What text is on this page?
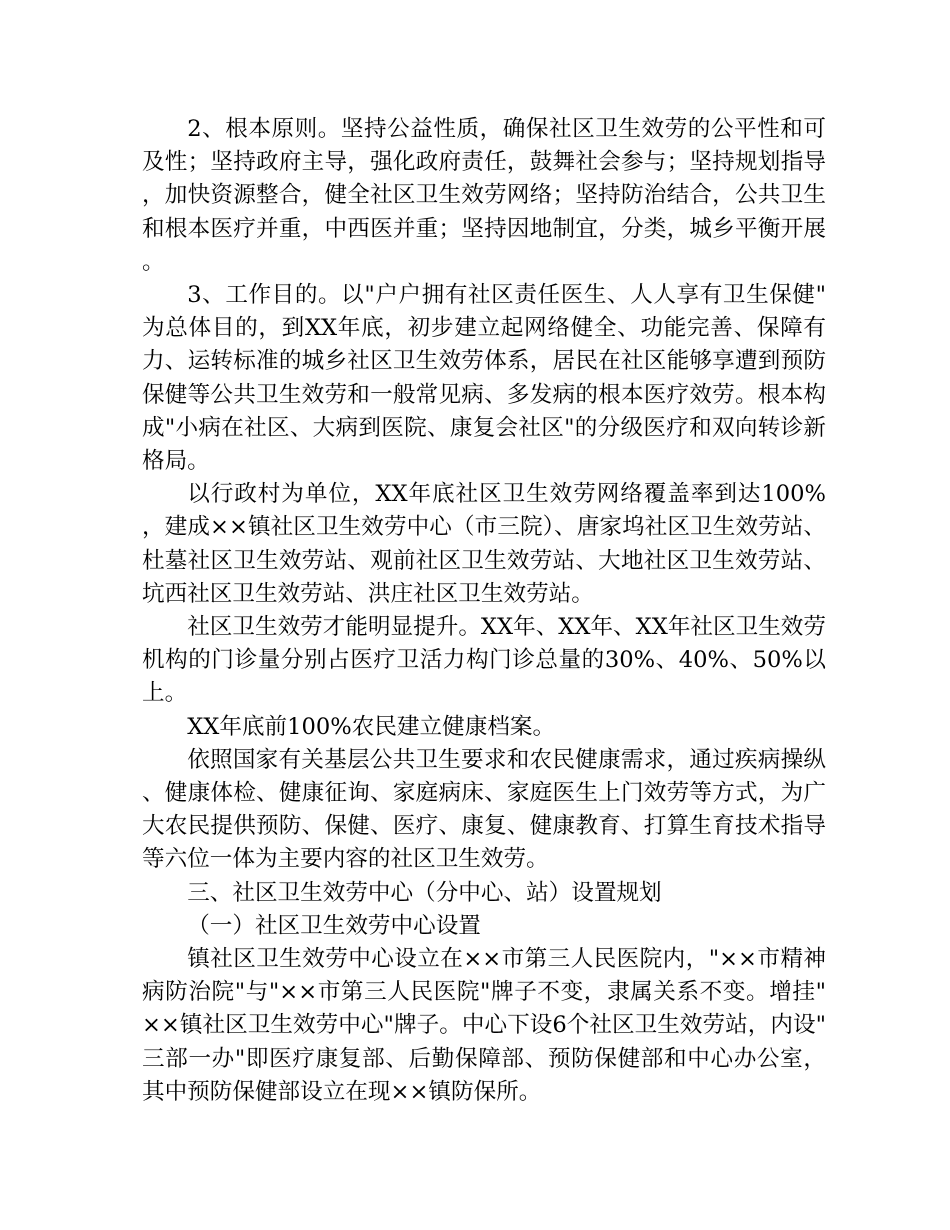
2、根本原则。坚持公益性质，确保社区卫生效劳的公平性和可及性；坚持政府主导，强化政府责任，鼓舞社会参与；坚持规划指导，加快资源整合，健全社区卫生效劳网络；坚持防治结合，公共卫生和根本医疗并重，中西医并重；坚持因地制宜，分类，城乡平衡开展。

3、工作目的。以"户户拥有社区责任医生、人人享有卫生保健"为总体目的，到XX年底，初步建立起网络健全、功能完善、保障有力、运转标准的城乡社区卫生效劳体系，居民在社区能够享遭到预防保健等公共卫生效劳和一般常见病、多发病的根本医疗效劳。根本构成"小病在社区、大病到医院、康复会社区"的分级医疗和双向转诊新格局。

以行政村为单位，XX年底社区卫生效劳网络覆盖率到达100%，建成××镇社区卫生效劳中心（市三院）、唐家坞社区卫生效劳站、杜墓社区卫生效劳站、观前社区卫生效劳站、大地社区卫生效劳站、坑西社区卫生效劳站、洪庄社区卫生效劳站。

社区卫生效劳才能明显提升。XX年、XX年、XX年社区卫生效劳机构的门诊量分别占医疗卫活力构门诊总量的30%、40%、50%以上。

XX年底前100%农民建立健康档案。

依照国家有关基层公共卫生要求和农民健康需求，通过疾病操纵、健康体检、健康征询、家庭病床、家庭医生上门效劳等方式，为广大农民提供预防、保健、医疗、康复、健康教育、打算生育技术指导等六位一体为主要内容的社区卫生效劳。

三、社区卫生效劳中心（分中心、站）设置规划

（一）社区卫生效劳中心设置

镇社区卫生效劳中心设立在××市第三人民医院内，"××市精神病防治院"与"××市第三人民医院"牌子不变，隶属关系不变。增挂"××镇社区卫生效劳中心"牌子。中心下设6个社区卫生效劳站，内设"三部一办"即医疗康复部、后勤保障部、预防保健部和中心办公室，其中预防保健部设立在现××镇防保所。
